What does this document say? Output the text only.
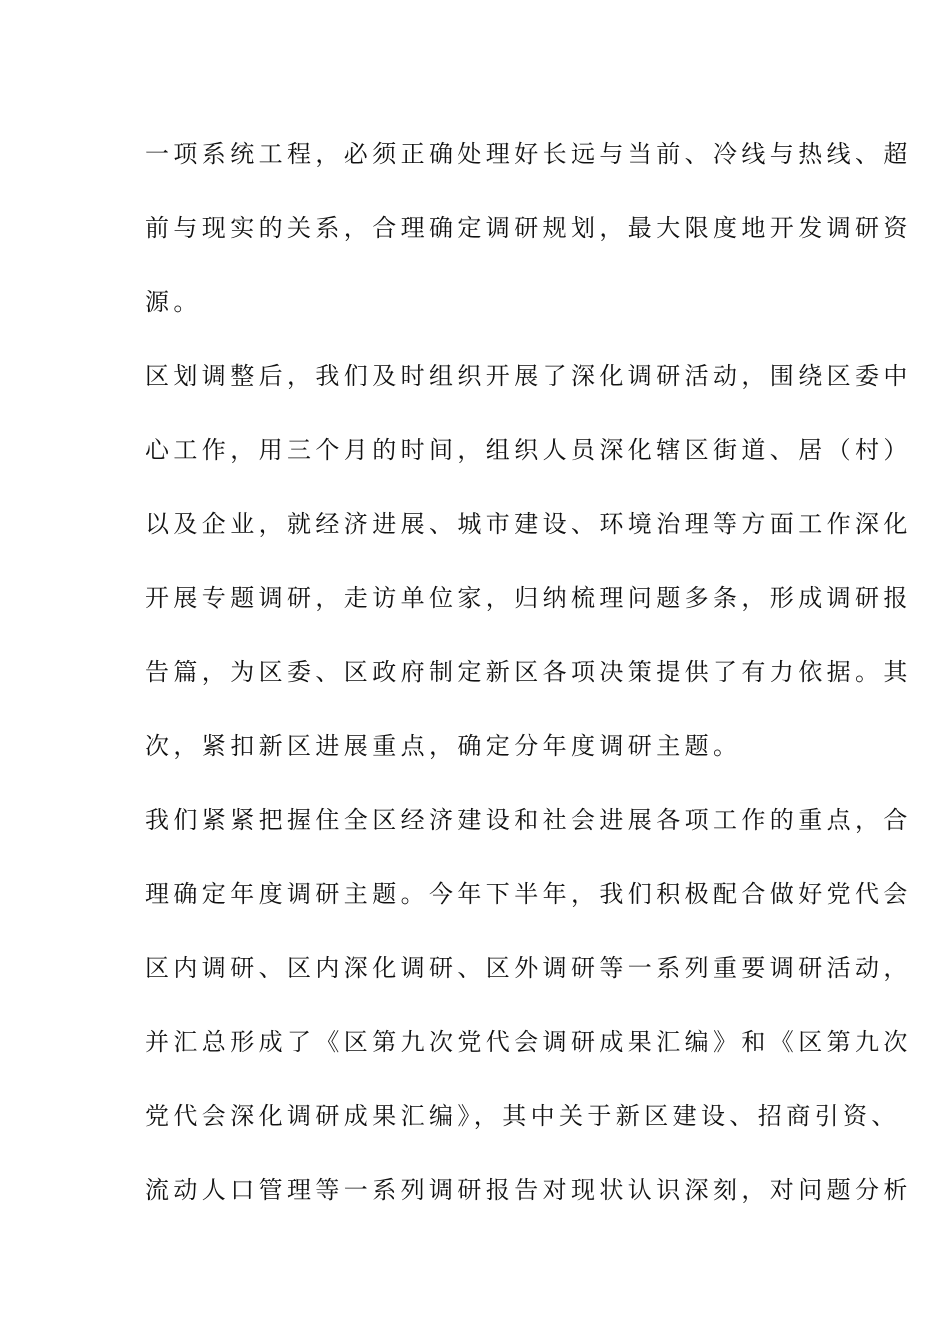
一项系统工程，必须正确处理好长远与当前、冷线与热线、超
前与现实的关系，合理确定调研规划，最大限度地开发调研资
源。
区划调整后，我们及时组织开展了深化调研活动，围绕区委中
心工作，用三个月的时间，组织人员深化辖区街道、居（村）
以及企业，就经济进展、城市建设、环境治理等方面工作深化
开展专题调研，走访单位家，归纳梳理问题多条，形成调研报
告篇，为区委、区政府制定新区各项决策提供了有力依据。其
次，紧扣新区进展重点，确定分年度调研主题。
我们紧紧把握住全区经济建设和社会进展各项工作的重点，合
理确定年度调研主题。今年下半年，我们积极配合做好党代会
区内调研、区内深化调研、区外调研等一系列重要调研活动，
并汇总形成了《区第九次党代会调研成果汇编》和《区第九次
党代会深化调研成果汇编》，其中关于新区建设、招商引资、
流动人口管理等一系列调研报告对现状认识深刻，对问题分析
